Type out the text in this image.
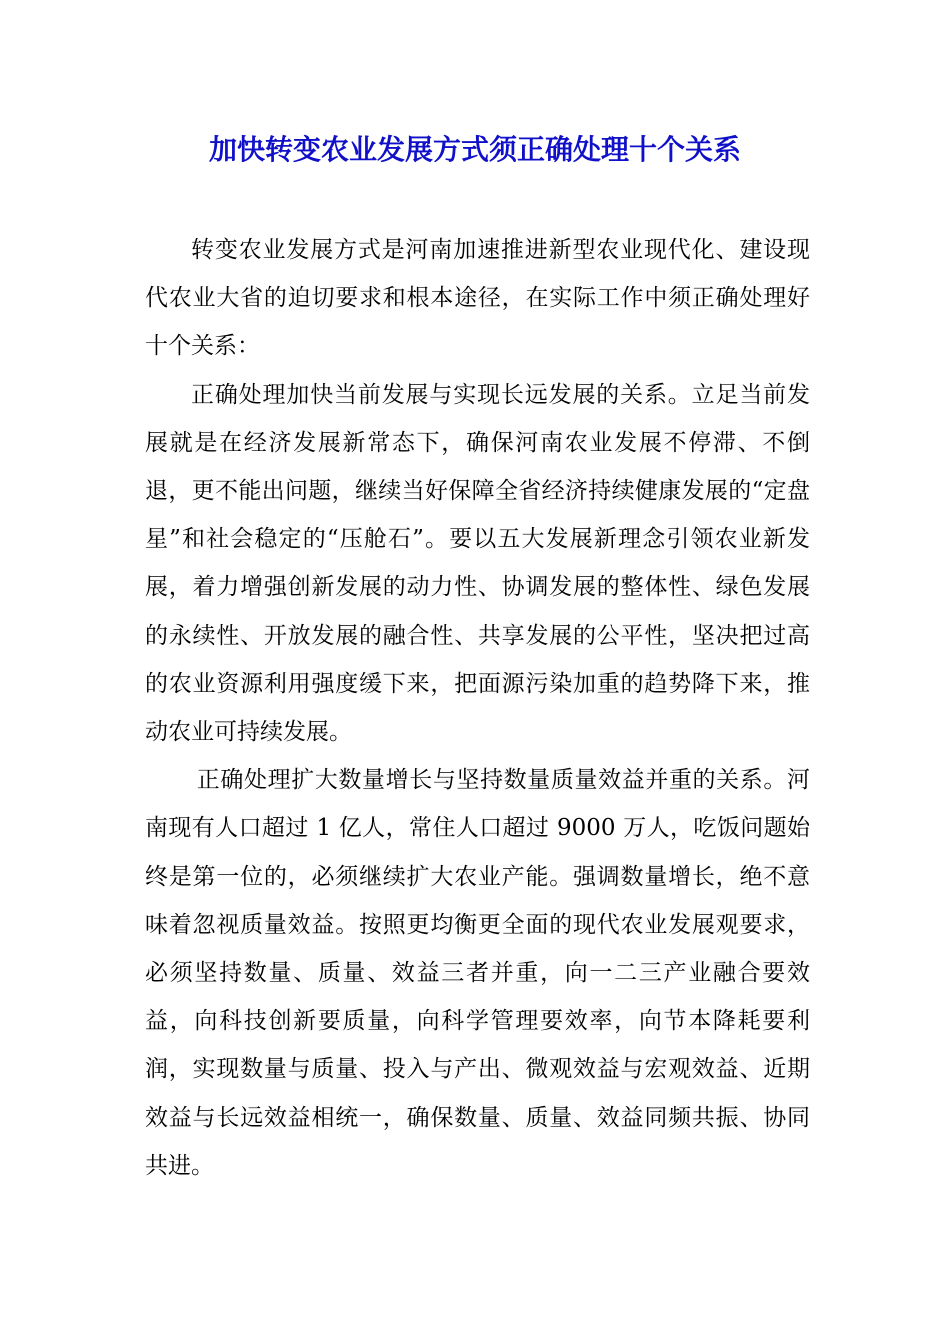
加快转变农业发展方式须正确处理十个关系

转变农业发展方式是河南加速推进新型农业现代化、建设现代农业大省的迫切要求和根本途径，在实际工作中须正确处理好十个关系：

正确处理加快当前发展与实现长远发展的关系。立足当前发展就是在经济发展新常态下，确保河南农业发展不停滞、不倒退，更不能出问题，继续当好保障全省经济持续健康发展的“定盘星”和社会稳定的“压舱石”。要以五大发展新理念引领农业新发展，着力增强创新发展的动力性、协调发展的整体性、绿色发展的永续性、开放发展的融合性、共享发展的公平性，坚决把过高的农业资源利用强度缓下来，把面源污染加重的趋势降下来，推动农业可持续发展。

正确处理扩大数量增长与坚持数量质量效益并重的关系。河南现有人口超过 1 亿人，常住人口超过 9000 万人，吃饭问题始终是第一位的，必须继续扩大农业产能。强调数量增长，绝不意味着忽视质量效益。按照更均衡更全面的现代农业发展观要求，必须坚持数量、质量、效益三者并重，向一二三产业融合要效益，向科技创新要质量，向科学管理要效率，向节本降耗要利润，实现数量与质量、投入与产出、微观效益与宏观效益、近期效益与长远效益相统一，确保数量、质量、效益同频共振、协同共进。
